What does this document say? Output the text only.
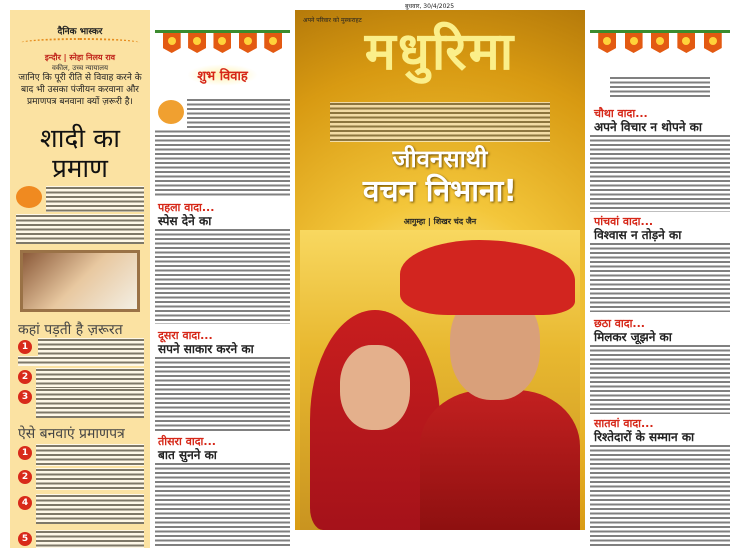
दैनिक भास्कर
इन्दौर | स्नेहा निलय राव
वकील, उच्च न्यायालय
जानिए कि पूरी रीति से विवाह करने के बाद भी उसका पंजीयन करवाना और प्रमाणपत्र बनवाना क्यों ज़रूरी है।
शादी का
प्रमाण
कहां पड़ती है ज़रूरत
1
2
3
ऐसे बनवाएं प्रमाणपत्र
1
2
4
5
शुभ विवाह
पहला वादा...
स्पेस देने का
दूसरा वादा...
सपने साकार करने का
तीसरा वादा...
बात सुनने का
अपने परिवार को मुस्कराहट
बुधवार, 30/4/2025
मधुरिमा
जीवनसाथी
वचन निभाना!
आगुम्हा | शिखर चंद जैन
चौथा वादा...
अपने विचार न थोपने का
पांचवां वादा...
विश्वास न तोड़ने का
छठा वादा...
मिलकर जूझने का
सातवां वादा...
रिश्तेदारों के सम्मान का
